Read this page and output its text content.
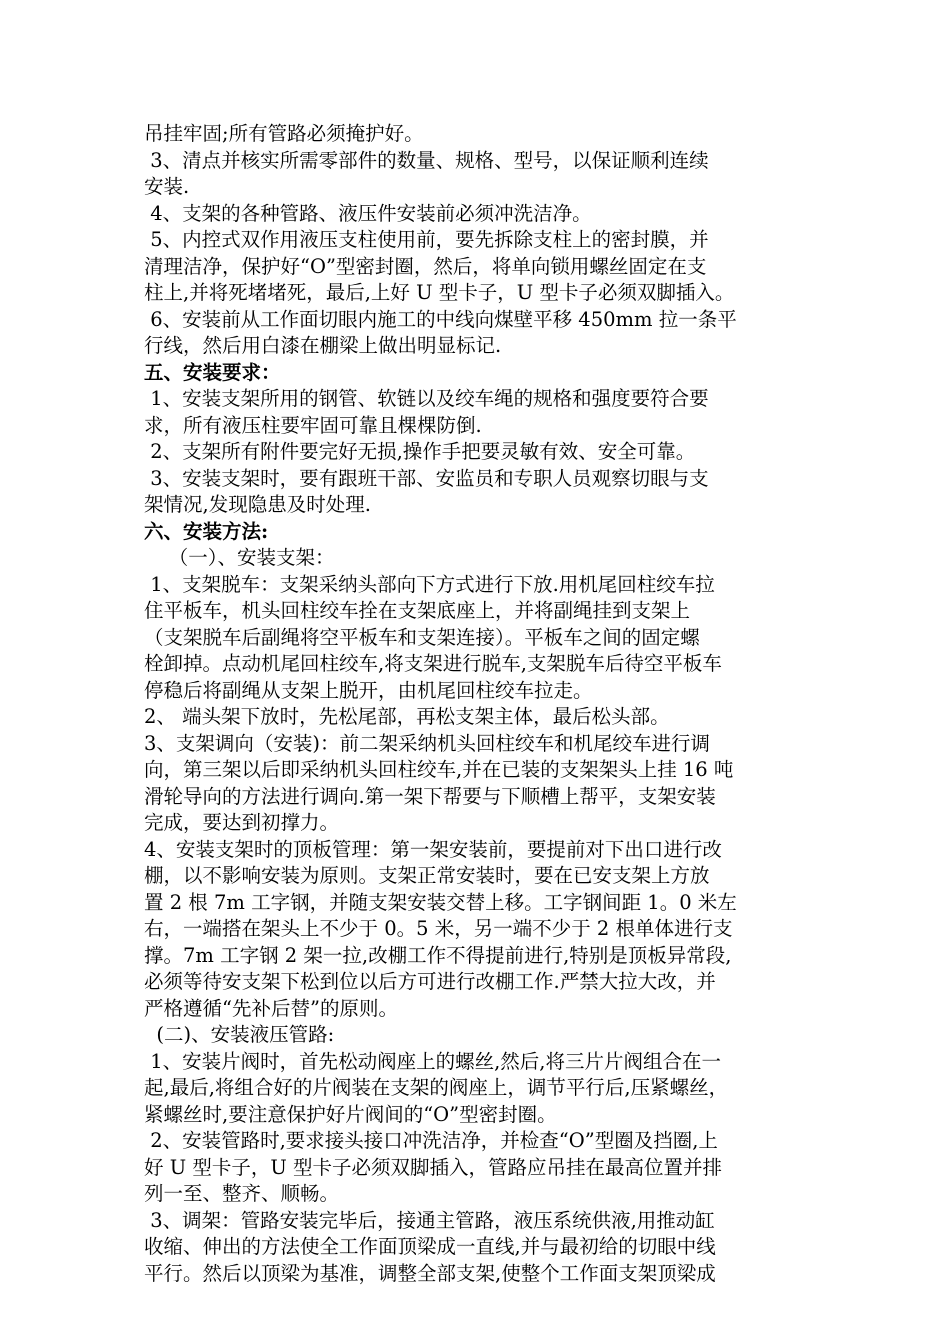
吊挂牢固;所有管路必须掩护好。
3、清点并核实所需零部件的数量、规格、型号，以保证顺利连续
安装.
4、支架的各种管路、液压件安装前必须冲洗洁净。
5、内控式双作用液压支柱使用前，要先拆除支柱上的密封膜，并
清理洁净，保护好“O”型密封圈，然后，将单向锁用螺丝固定在支
柱上,并将死堵堵死，最后,上好 U 型卡子，U 型卡子必须双脚插入。
6、安装前从工作面切眼内施工的中线向煤壁平移 450mm 拉一条平
行线，然后用白漆在棚梁上做出明显标记.
五、安装要求：
1、安装支架所用的钢管、软链以及绞车绳的规格和强度要符合要
求，所有液压柱要牢固可靠且棵棵防倒.
2、支架所有附件要完好无损,操作手把要灵敏有效、安全可靠。
3、安装支架时，要有跟班干部、安监员和专职人员观察切眼与支
架情况,发现隐患及时处理.
六、安装方法:
（一）、安装支架：
1、支架脱车：支架采纳头部向下方式进行下放.用机尾回柱绞车拉
住平板车，机头回柱绞车拴在支架底座上，并将副绳挂到支架上
（支架脱车后副绳将空平板车和支架连接）。平板车之间的固定螺
栓卸掉。点动机尾回柱绞车,将支架进行脱车,支架脱车后待空平板车
停稳后将副绳从支架上脱开，由机尾回柱绞车拉走。
2、 端头架下放时，先松尾部，再松支架主体，最后松头部。
3、支架调向（安装)：前二架采纳机头回柱绞车和机尾绞车进行调
向，第三架以后即采纳机头回柱绞车,并在已装的支架架头上挂 16 吨
滑轮导向的方法进行调向.第一架下帮要与下顺槽上帮平，支架安装
完成，要达到初撑力。
4、安装支架时的顶板管理：第一架安装前，要提前对下出口进行改
棚，以不影响安装为原则。支架正常安装时，要在已安支架上方放
置 2 根 7m 工字钢，并随支架安装交替上移。工字钢间距 1。0 米左
右，一端搭在架头上不少于 0。5 米，另一端不少于 2 根单体进行支
撑。7m 工字钢 2 架一拉,改棚工作不得提前进行,特别是顶板异常段,
必须等待安支架下松到位以后方可进行改棚工作.严禁大拉大改，并
严格遵循“先补后替”的原则。
(二)、安装液压管路:
1、安装片阀时，首先松动阀座上的螺丝,然后,将三片片阀组合在一
起,最后,将组合好的片阀装在支架的阀座上，调节平行后,压紧螺丝，
紧螺丝时,要注意保护好片阀间的“O”型密封圈。
2、安装管路时,要求接头接口冲洗洁净，并检查“O”型圈及挡圈,上
好 U 型卡子，U 型卡子必须双脚插入，管路应吊挂在最高位置并排
列一至、整齐、顺畅。
3、调架：管路安装完毕后，接通主管路，液压系统供液,用推动缸
收缩、伸出的方法使全工作面顶梁成一直线,并与最初给的切眼中线
平行。然后以顶梁为基准，调整全部支架,使整个工作面支架顶梁成
